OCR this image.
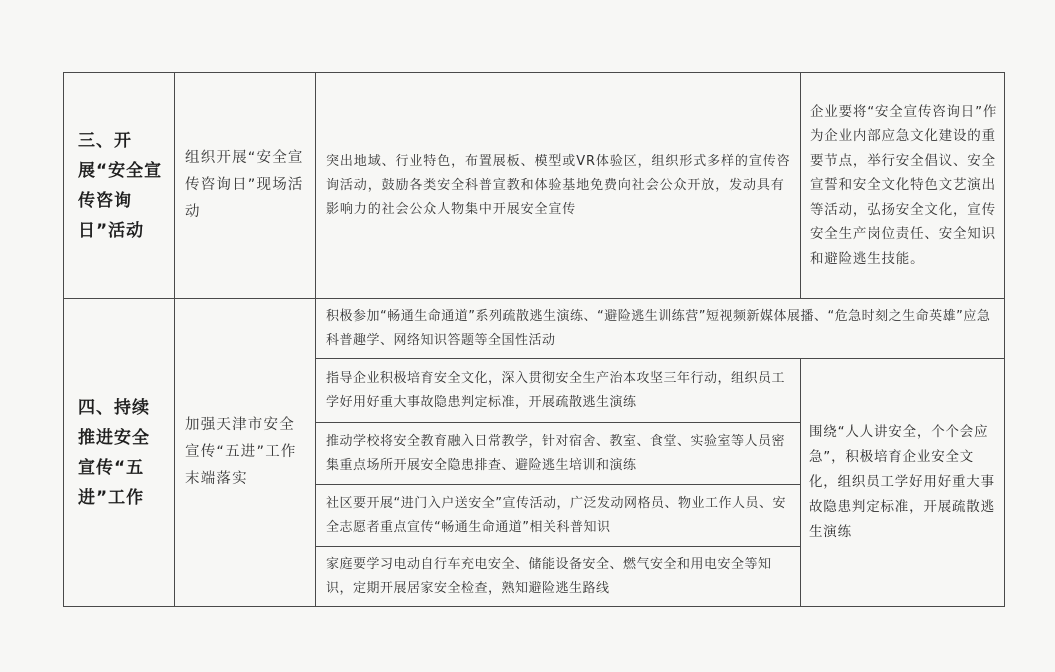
三、开展“安全宣传咨询日”活动	组织开展“安全宣传咨询日”现场活动	突出地域、行业特色，布置展板、模型或VR体验区，组织形式多样的宣传咨询活动，鼓励各类安全科普宣教和体验基地免费向社会公众开放，发动具有影响力的社会公众人物集中开展安全宣传	企业要将“安全宣传咨询日”作为企业内部应急文化建设的重要节点，举行安全倡议、安全宣誓和安全文化特色文艺演出等活动，弘扬安全文化，宣传安全生产岗位责任、安全知识和避险逃生技能。
四、持续推进安全宣传“五进”工作	加强天津市安全宣传“五进”工作末端落实	积极参加“畅通生命通道”系列疏散逃生演练、“避险逃生训练营”短视频新媒体展播、“危急时刻之生命英雄”应急科普趣学、网络知识答题等全国性活动	
		指导企业积极培育安全文化，深入贯彻安全生产治本攻坚三年行动，组织员工学好用好重大事故隐患判定标准，开展疏散逃生演练	围绕“人人讲安全，个个会应急”，积极培育企业安全文化，组织员工学好用好重大事故隐患判定标准，开展疏散逃生演练
		推动学校将安全教育融入日常教学，针对宿舍、教室、食堂、实验室等人员密集重点场所开展安全隐患排查、避险逃生培训和演练	
		社区要开展“进门入户送安全”宣传活动，广泛发动网格员、物业工作人员、安全志愿者重点宣传“畅通生命通道”相关科普知识	
		家庭要学习电动自行车充电安全、储能设备安全、燃气安全和用电安全等知识，定期开展居家安全检查，熟知避险逃生路线	
